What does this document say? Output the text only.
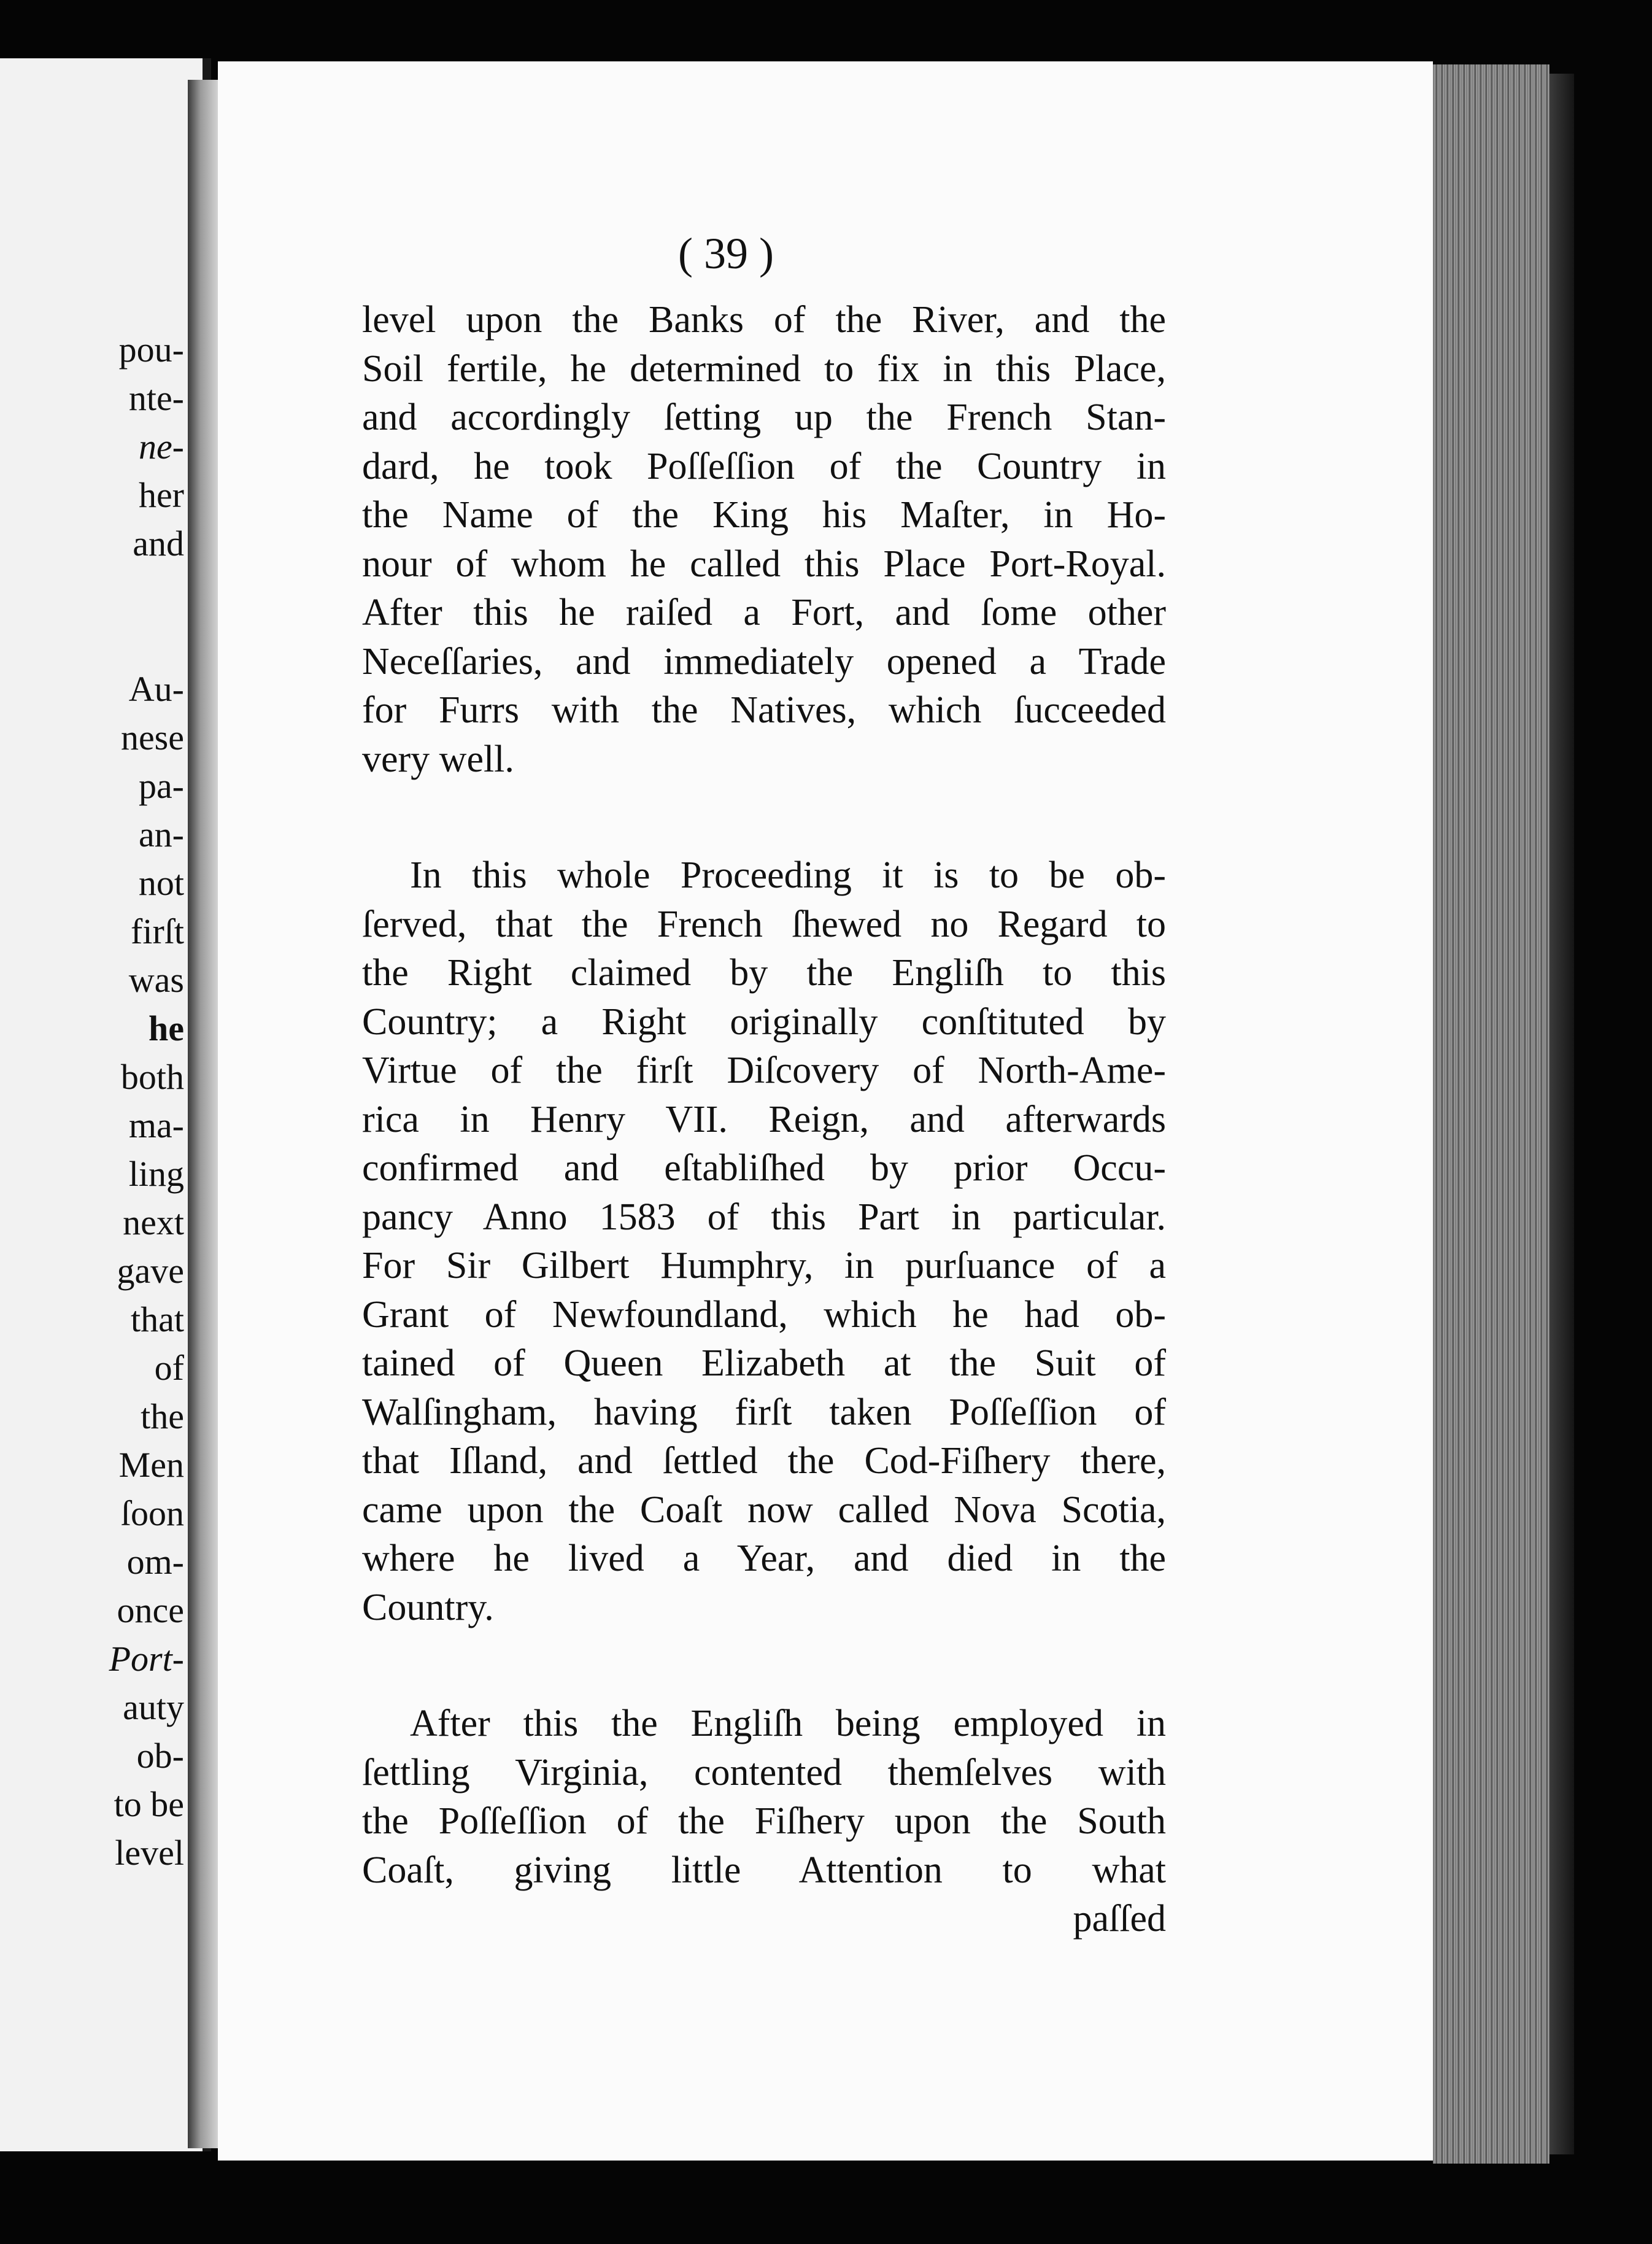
pou-
nte-
ne-
her
and
Au-
nese
pa-
an-
not
firſt
was
he
both
ma-
ling
next
gave
that
of
the
Men
ſoon
om-
once
Port-
auty
ob-
to be
level
( 39 )
level upon the Banks of the River, and the
Soil fertile, he determined to fix in this Place,
and accordingly ſetting up the French Stan-
dard, he took Poſſeſſion of the Country in
the Name of the King his Maſter, in Ho-
nour of whom he called this Place Port-Royal.
After this he raiſed a Fort, and ſome other
Neceſſaries, and immediately opened a Trade
for Furrs with the Natives, which ſucceeded
very well.
In this whole Proceeding it is to be ob-
ſerved, that the French ſhewed no Regard to
the Right claimed by the Engliſh to this
Country; a Right originally conſtituted by
Virtue of the firſt Diſcovery of North-Ame-
rica in Henry VII. Reign, and afterwards
confirmed and eſtabliſhed by prior Occu-
pancy Anno 1583 of this Part in particular.
For Sir Gilbert Humphry, in purſuance of a
Grant of Newfoundland, which he had ob-
tained of Queen Elizabeth at the Suit of
Walſingham, having firſt taken Poſſeſſion of
that Iſland, and ſettled the Cod-Fiſhery there,
came upon the Coaſt now called Nova Scotia,
where he lived a Year, and died in the
Country.
After this the Engliſh being employed in
ſettling Virginia, contented themſelves with
the Poſſeſſion of the Fiſhery upon the South
Coaſt, giving little Attention to what
paſſed
